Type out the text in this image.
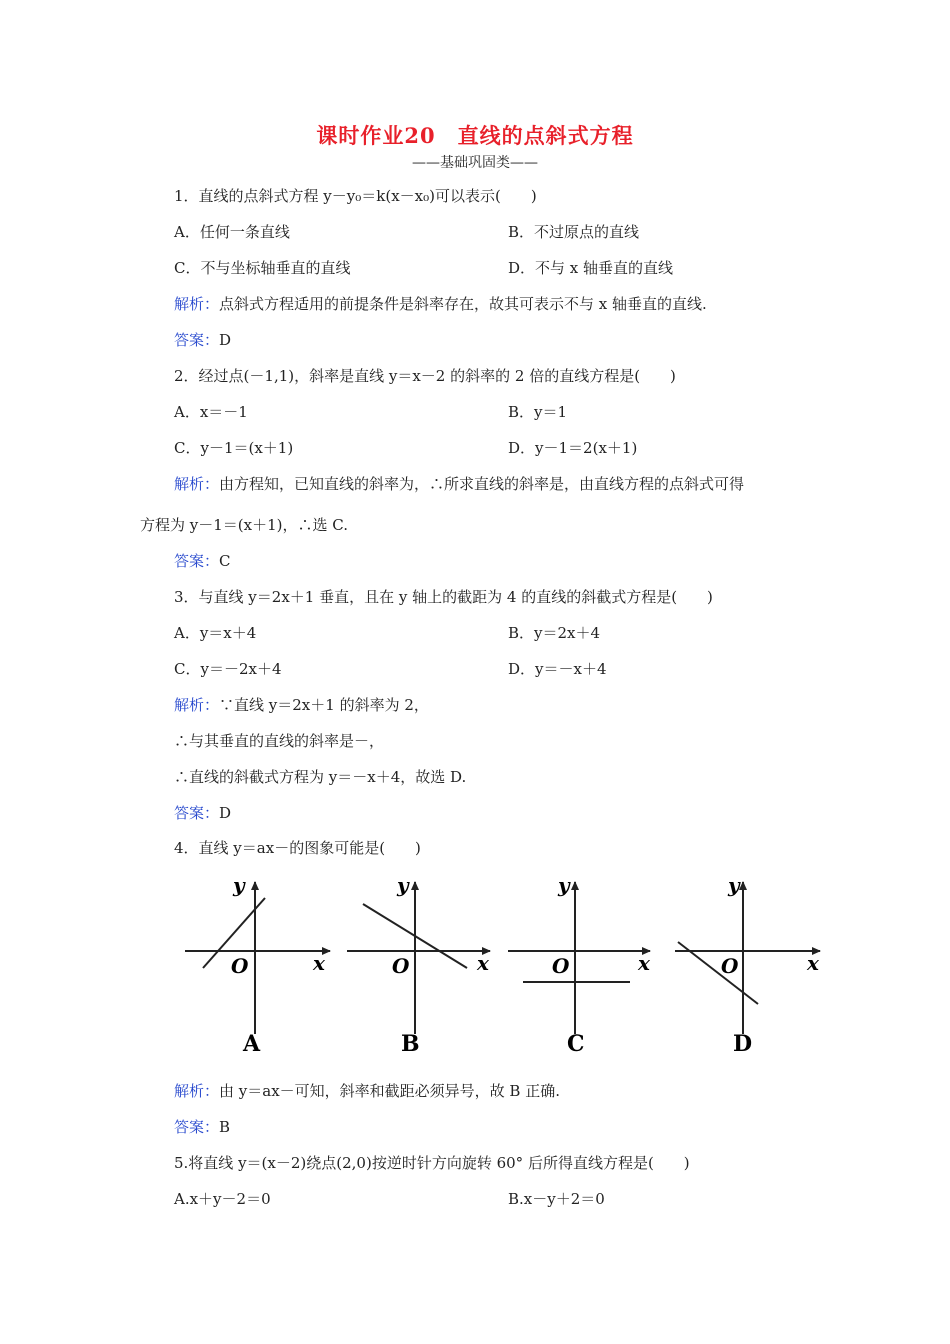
课时作业20　直线的点斜式方程
——基础巩固类——
1．直线的点斜式方程 y－y₀＝k(x－x₀)可以表示(　　)
A．任何一条直线	B．不过原点的直线
C．不与坐标轴垂直的直线	D．不与 x 轴垂直的直线
解析：点斜式方程适用的前提条件是斜率存在，故其可表示不与 x 轴垂直的直线.
答案：D
2．经过点(－1,1)，斜率是直线 y＝x－2 的斜率的 2 倍的直线方程是(　　)
A．x＝－1	B．y＝1
C．y－1＝(x＋1)	D．y－1＝2(x＋1)
解析：由方程知，已知直线的斜率为，∴所求直线的斜率是，由直线方程的点斜式可得
方程为 y－1＝(x＋1)，∴选 C.
答案：C
3．与直线 y＝2x＋1 垂直，且在 y 轴上的截距为 4 的直线的斜截式方程是(　　)
A．y＝x＋4	B．y＝2x＋4
C．y＝－2x＋4	D．y＝－x＋4
解析：∵直线 y＝2x＋1 的斜率为 2，
∴与其垂直的直线的斜率是－，
∴直线的斜截式方程为 y＝－x＋4，故选 D.
答案：D
4．直线 y＝ax－的图象可能是(　　)
y
x
O
A
y
x
O
B
y
x
O
C
y
x
O
D
解析：由 y＝ax－可知，斜率和截距必须异号，故 B 正确.
答案：B
5.将直线 y＝(x－2)绕点(2,0)按逆时针方向旋转 60° 后所得直线方程是(　　)
A.x＋y－2＝0	B.x－y＋2＝0
